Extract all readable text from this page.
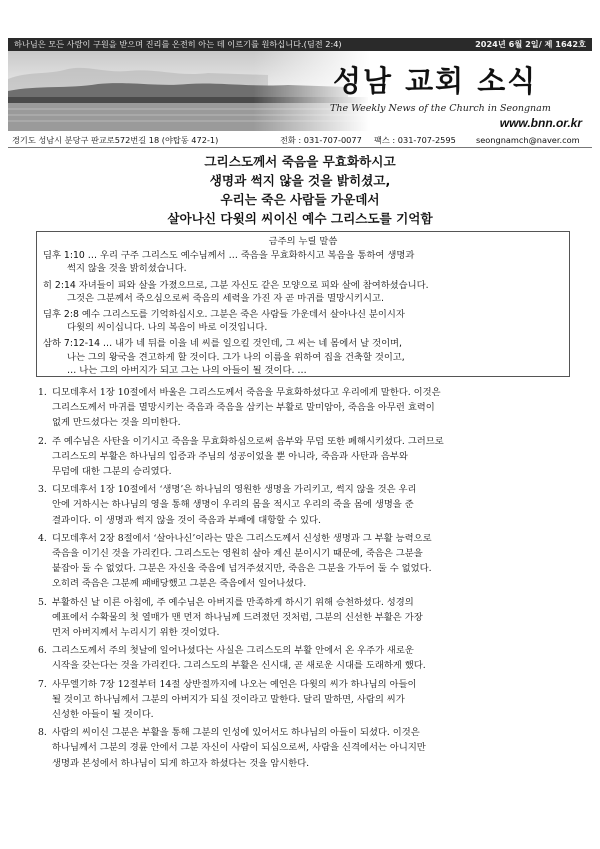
하나님은 모든 사람이 구원을 받으며 진리를 온전히 아는 데 이르기를 원하십니다.(딤전 2:4)	2024년 6월 2일/ 제 1642호
성남 교회 소식
The Weekly News of the Church in Seongnam
www.bnn.or.kr
경기도 성남시 분당구 판교로572번길 18 (야탑동 472-1)	전화 : 031-707-0077 팩스 : 031-707-2595 seongnamch@naver.com
그리스도께서 죽음을 무효화하시고
생명과 썩지 않을 것을 밝히셨고,
우리는 죽은 사람들 가운데서
살아나신 다윗의 씨이신 예수 그리스도를 기억함
금주의 누릴 말씀
딤후 1:10 … 우리 구주 그리스도 예수님께서 … 죽음을 무효화하시고 복음을 통하여 생명과
썩지 않을 것을 밝히셨습니다.
히 2:14 자녀들이 피와 살을 가졌으므로, 그분 자신도 같은 모양으로 피와 살에 참여하셨습니다.
그것은 그분께서 죽으심으로써 죽음의 세력을 가진 자 곧 마귀를 멸망시키시고.
딤후 2:8 예수 그리스도를 기억하십시오. 그분은 죽은 사람들 가운데서 살아나신 분이시자
다윗의 씨이십니다. 나의 복음이 바로 이것입니다.
삼하 7:12-14 … 내가 네 뒤를 이을 네 씨를 일으킬 것인데, 그 씨는 네 몸에서 날 것이며,
나는 그의 왕국을 견고하게 할 것이다. 그가 나의 이름을 위하여 집을 건축할 것이고,
… 나는 그의 아버지가 되고 그는 나의 아들이 될 것이다. …
1. 디모데후서 1장 10절에서 바울은 그리스도께서 죽음을 무효화하셨다고 우리에게 말한다. 이것은
그리스도께서 마귀를 멸망시키는 죽음과 죽음을 삼키는 부활로 말미암아, 죽음을 아무런 효력이
없게 만드셨다는 것을 의미한다.
2. 주 예수님은 사탄을 이기시고 죽음을 무효화하심으로써 음부와 무덤 또한 폐해시키셨다. 그러므로
그리스도의 부활은 하나님의 입증과 주님의 성공이었을 뿐 아니라, 죽음과 사탄과 음부와
무덤에 대한 그분의 승리였다.
3. 디모데후서 1장 10절에서 ‘생명’은 하나님의 영원한 생명을 가리키고, 썩지 않을 것은 우리
안에 거하시는 하나님의 영을 통해 생명이 우리의 몸을 적시고 우리의 죽을 몸에 생명을 준
결과이다. 이 생명과 썩지 않을 것이 죽음과 부패에 대항할 수 있다.
4. 디모데후서 2장 8절에서 ‘살아나신’이라는 말은 그리스도께서 신성한 생명과 그 부활 능력으로
죽음을 이기신 것을 가리킨다. 그리스도는 영원히 살아 계신 분이시기 때문에, 죽음은 그분을
붙잡아 둘 수 없었다. 그분은 자신을 죽음에 넘겨주셨지만, 죽음은 그분을 가두어 둘 수 없었다.
오히려 죽음은 그분께 패배당했고 그분은 죽음에서 일어나셨다.
5. 부활하신 날 이른 아침에, 주 예수님은 아버지를 만족하게 하시기 위해 승천하셨다. 성경의
예표에서 수확물의 첫 열매가 맨 먼저 하나님께 드려졌던 것처럼, 그분의 신선한 부활은 가장
먼저 아버지께서 누리시기 위한 것이었다.
6. 그리스도께서 주의 첫날에 일어나셨다는 사실은 그리스도의 부활 안에서 온 우주가 새로운
시작을 갖는다는 것을 가리킨다. 그리스도의 부활은 신시대, 곧 새로운 시대를 도래하게 했다.
7. 사무엘기하 7장 12절부터 14절 상반절까지에 나오는 예언은 다윗의 씨가 하나님의 아들이
될 것이고 하나님께서 그분의 아버지가 되실 것이라고 말한다. 달리 말하면, 사람의 씨가
신성한 아들이 될 것이다.
8. 사람의 씨이신 그분은 부활을 통해 그분의 인성에 있어서도 하나님의 아들이 되셨다. 이것은
하나님께서 그분의 경륜 안에서 그분 자신이 사람이 되심으로써, 사람을 신격에서는 아니지만
생명과 본성에서 하나님이 되게 하고자 하셨다는 것을 암시한다.
